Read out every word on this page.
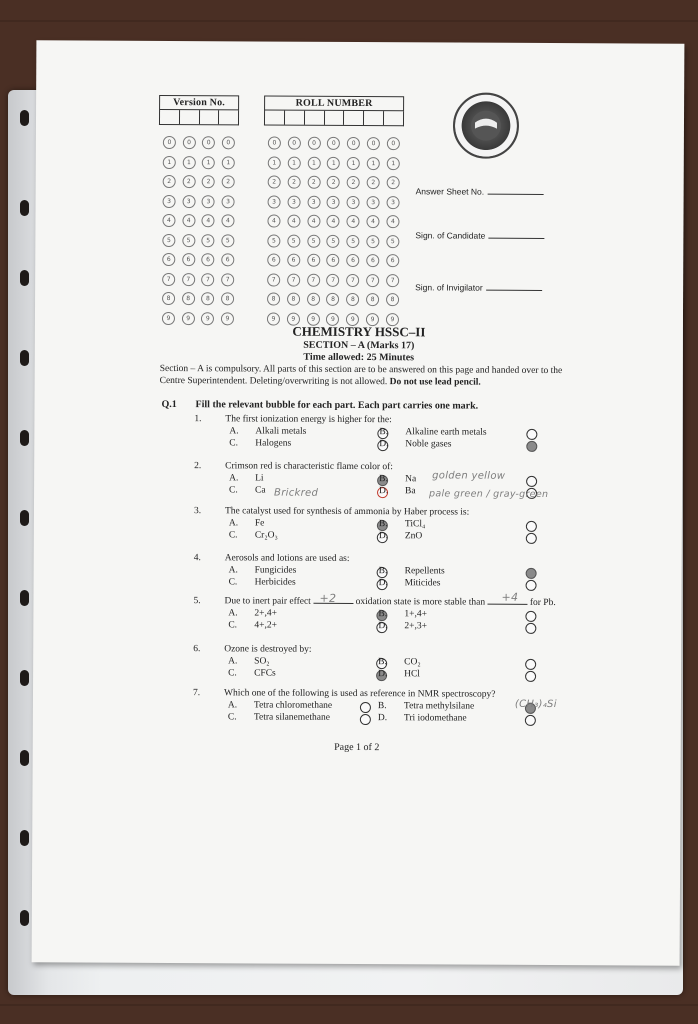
Version No.
0	0	0	0
1	1	1	1
2	2	2	2
3	3	3	3
4	4	4	4
5	5	5	5
6	6	6	6
7	7	7	7
8	8	8	8
9	9	9	9
ROLL NUMBER
0	0	0	0	0	0	0
1	1	1	1	1	1	1
2	2	2	2	2	2	2
3	3	3	3	3	3	3
4	4	4	4	4	4	4
5	5	5	5	5	5	5
6	6	6	6	6	6	6
7	7	7	7	7	7	7
8	8	8	8	8	8	8
9	9	9	9	9	9	9
Answer Sheet No.
Sign. of Candidate
Sign. of Invigilator
CHEMISTRY HSSC–II
SECTION – A (Marks 17)
Time allowed: 25 Minutes
Section – A is compulsory. All parts of this section are to be answered on this page and handed over to the Centre Superintendent. Deleting/overwriting is not allowed. Do not use lead pencil.
Q.1 Fill the relevant bubble for each part. Each part carries one mark.
1.	The first ionization energy is higher for the:
A. Alkali metals	B. Alkaline earth metals
C. Halogens	D. Noble gases
2.	Crimson red is characteristic flame color of:
A. Li	B. Na
C. Ca	D. Ba
3.	The catalyst used for synthesis of ammonia by Haber process is:
A. Fe	B. TiCl₄
C. Cr₂O₃	D. ZnO
4.	Aerosols and lotions are used as:
A. Fungicides	B. Repellents
C. Herbicides	D. Miticides
5.	Due to inert pair effect	oxidation state is more stable than	for Pb.
A. 2+,4+	B. 1+,4+
C. 4+,2+	D. 2+,3+
6.	Ozone is destroyed by:
A. SO₂	B. CO₂
C. CFCs	D. HCl
7.	Which one of the following is used as reference in NMR spectroscopy?
A. Tetra chloromethane	B. Tetra methylsilane
C. Tetra silanemethane	D. Tri iodomethane
golden yellow
Brickred	pale green / gray-green
+2	+4
(CH₃)₄Si
Page 1 of 2
